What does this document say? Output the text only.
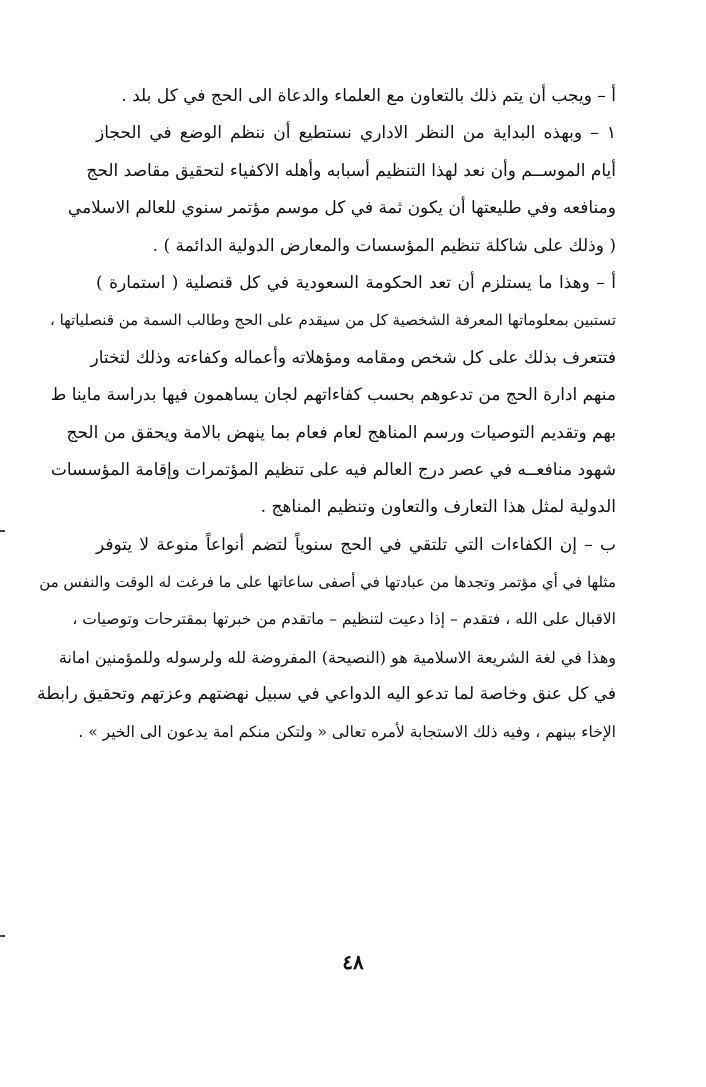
أ – ويجب أن يتم ذلك بالتعاون مع العلماء والدعاة الى الحج في كل بلد .
١ – وبهذه البداية من النظر الاداري نستطيع أن ننظم الوضع في الحجاز
أيام الموســم وأن نعد لهذا التنظيم أسبابه وأهله الاكفياء لتحقيق مقاصد الحج
ومنافعه وفي طليعتها أن يكون ثمة في كل موسم مؤتمر سنوي للعالم الاسلامي
( وذلك على شاكلة تنظيم المؤسسات والمعارض الدولية الدائمة ) .
أ – وهذا ما يستلزم أن تعد الحكومة السعودية في كل قنصلية ( استمارة )
تستبين بمعلوماتها المعرفة الشخصية كل من سيقدم على الحج وطالب السمة من قنصلياتها ،
فتتعرف بذلك على كل شخص ومقامه ومؤهلاته وأعماله وكفاءته وذلك لتختار
منهم ادارة الحج من تدعوهم بحسب كفاءاتهم لجان يساهمون فيها بدراسة ماينا ط
بهم وتقديم التوصيات ورسم المناهج لعام فعام بما ينهض بالامة ويحقق من الحج
شهود منافعــه في عصر درج العالم فيه على تنظيم المؤتمرات وإقامة المؤسسات
الدولية لمثل هذا التعارف والتعاون وتنظيم المناهج .
ب – إن الكفاءات التي تلتقي في الحج سنوياً لتضم أنواعاً منوعة لا يتوفر
مثلها في أي مؤتمر وتجدها من عبادتها في أصفى ساعاتها على ما فرغت له الوقت والنفس من
الاقبال على الله ، فتقدم – إذا دعيت لتنظيم – ماتقدم من خبرتها بمقترحات وتوصيات ،
وهذا في لغة الشريعة الاسلامية هو (النصيحة) المفروضة لله ولرسوله وللمؤمنين امانة
في كل عنق وخاصة لما تدعو اليه الدواعي في سبيل نهضتهم وعزتهم وتحقيق رابطة
الإخاء بينهم ، وفيه ذلك الاستجابة لأمره تعالى « ولتكن منكم امة يدعون الى الخير » .
٤٨
